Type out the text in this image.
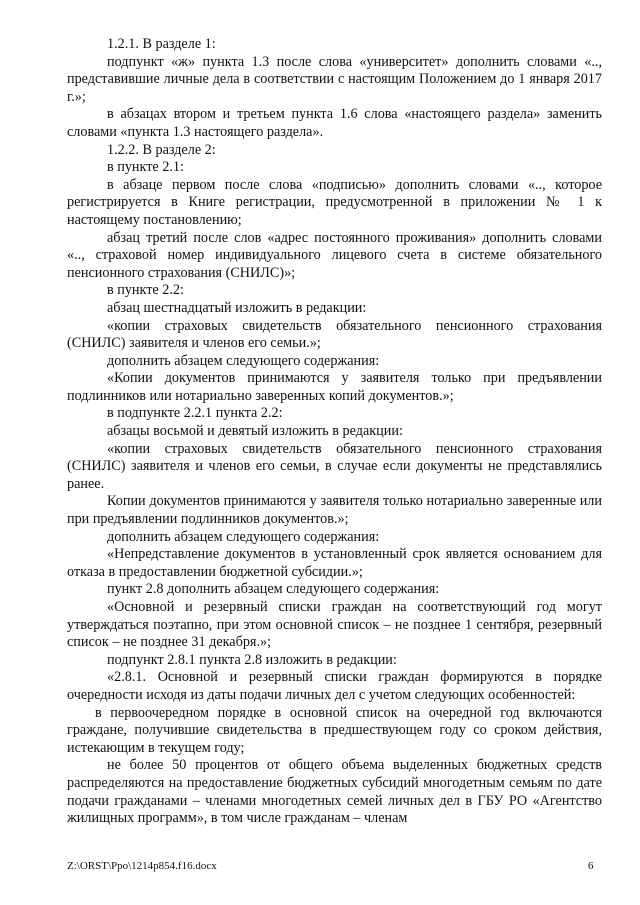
1.2.1. В разделе 1:

подпункт «ж» пункта 1.3 после слова «университет» дополнить словами «.., представившие личные дела в соответствии с настоящим Положением до 1 января 2017 г.»;

в абзацах втором и третьем пункта 1.6 слова «настоящего раздела» заменить словами «пункта 1.3 настоящего раздела».

1.2.2. В разделе 2:

в пункте 2.1:

в абзаце первом после слова «подписью» дополнить словами «.., которое регистрируется в Книге регистрации, предусмотренной в приложении № 1 к настоящему постановлению;

абзац третий после слов «адрес постоянного проживания» дополнить словами «.., страховой номер индивидуального лицевого счета в системе обязательного пенсионного страхования (СНИЛС)»;

в пункте 2.2:

абзац шестнадцатый изложить в редакции:

«копии страховых свидетельств обязательного пенсионного страхования (СНИЛС) заявителя и членов его семьи.»;

дополнить абзацем следующего содержания:

«Копии документов принимаются у заявителя только при предъявлении подлинников или нотариально заверенных копий документов.»;

в подпункте 2.2.1 пункта 2.2:

абзацы восьмой и девятый изложить в редакции:

«копии страховых свидетельств обязательного пенсионного страхования (СНИЛС) заявителя и членов его семьи, в случае если документы не представлялись ранее.

Копии документов принимаются у заявителя только нотариально заверенные или при предъявлении подлинников документов.»;

дополнить абзацем следующего содержания:

«Непредставление документов в установленный срок является основанием для отказа в предоставлении бюджетной субсидии.»;

пункт 2.8 дополнить абзацем следующего содержания:

«Основной и резервный списки граждан на соответствующий год могут утверждаться поэтапно, при этом основной список – не позднее 1 сентября, резервный список – не позднее 31 декабря.»;

подпункт 2.8.1 пункта 2.8 изложить в редакции:

«2.8.1. Основной и резервный списки граждан формируются в порядке очередности исходя из даты подачи личных дел с учетом следующих особенностей:

в первоочередном порядке в основной список на очередной год включаются граждане, получившие свидетельства в предшествующем году со сроком действия, истекающим в текущем году;

не более 50 процентов от общего объема выделенных бюджетных средств распределяются на предоставление бюджетных субсидий многодетным семьям по дате подачи гражданами – членами многодетных семей личных дел в ГБУ РО «Агентство жилищных программ», в том числе гражданам – членам

Z:\ORST\Ppo\1214p854.f16.docx	6
